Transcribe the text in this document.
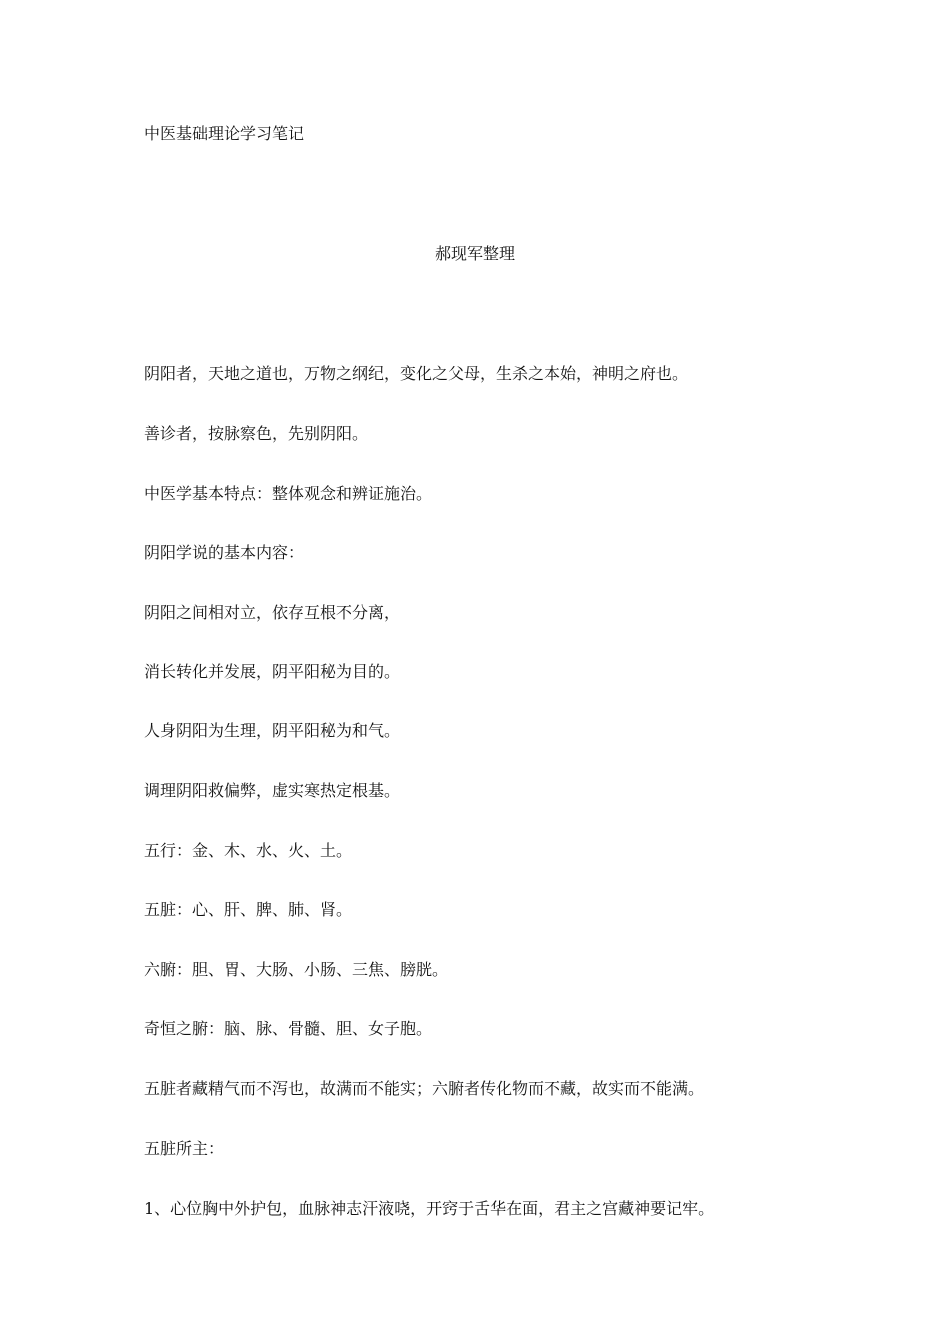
中医基础理论学习笔记
郝现军整理
阴阳者，天地之道也，万物之纲纪，变化之父母，生杀之本始，神明之府也。
善诊者，按脉察色，先别阴阳。
中医学基本特点：整体观念和辨证施治。
阴阳学说的基本内容：
阴阳之间相对立，依存互根不分离，
消长转化并发展，阴平阳秘为目的。
人身阴阳为生理，阴平阳秘为和气。
调理阴阳救偏弊，虚实寒热定根基。
五行：金、木、水、火、土。
五脏：心、肝、脾、肺、肾。
六腑：胆、胃、大肠、小肠、三焦、膀胱。
奇恒之腑：脑、脉、骨髓、胆、女子胞。
五脏者藏精气而不泻也，故满而不能实；六腑者传化物而不藏，故实而不能满。
五脏所主：
1、心位胸中外护包，血脉神志汗液哓，开窍于舌华在面，君主之宫藏神要记牢。
